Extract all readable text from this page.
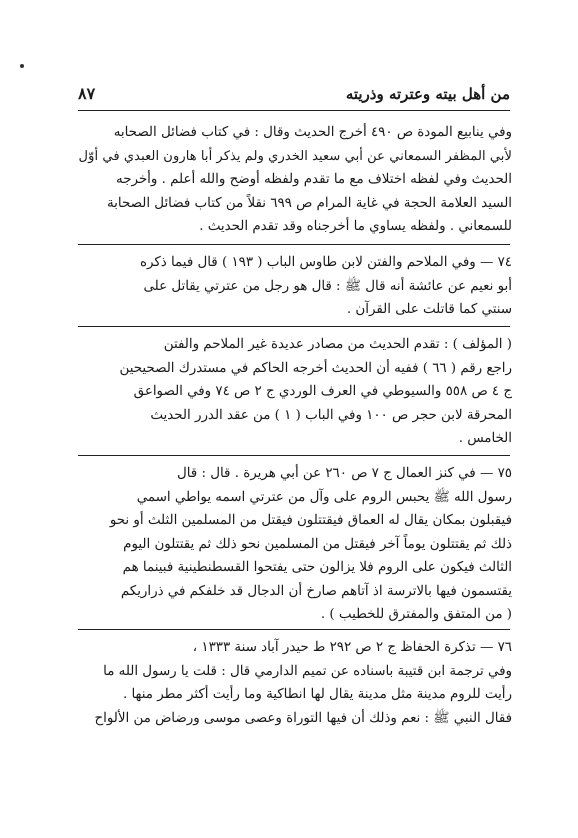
٨٧	من أهل بيته وعترته وذريته
وفي ينابيع المودة ص ٤٩٠ أخرج الحديث وقال : في كتاب فضائل الصحابه
لأبي المظفر السمعاني عن أبي سعيد الخدري ولم يذكر أبا هارون العبدي في أوّل
الحديث وفي لفظه اختلاف مع ما تقدم ولفظه أوضح والله أعلم . وأخرجه
السيد العلامة الحجة في غاية المرام ص ٦٩٩ نقلاً من كتاب فضائل الصحابة
للسمعاني . ولفظه يساوي ما أخرجناه وقد تقدم الحديث .
٧٤ — وفي الملاحم والفتن لابن طاوس الباب ( ١٩٣ ) قال فيما ذكره
أبو نعيم عن عائشة أنه قال ﷺ : قال هو رجل من عترتي يقاتل على
سنتي كما قاتلت على القرآن .
( المؤلف ) : تقدم الحديث من مصادر عديدة غير الملاحم والفتن
راجع رقم ( ٦٦ ) ففيه أن الحديث أخرجه الحاكم في مستدرك الصحيحين
ج ٤ ص ٥٥٨ والسيوطي في العرف الوردي ج ٢ ص ٧٤ وفي الصواعق
المحرقة لابن حجر ص ١٠٠ وفي الباب ( ١ ) من عقد الدرر الحديث
الخامس .
٧٥ — في كنز العمال ج ٧ ص ٢٦٠ عن أبي هريرة . قال : قال
رسول الله ﷺ يحبس الروم على وآل من عترتي اسمه يواطي اسمي
فيقبلون بمكان يقال له العماق فيقتتلون فيقتل من المسلمين الثلث أو نحو
ذلك ثم يقتتلون يوماً آخر فيقتل من المسلمين نحو ذلك ثم يقتتلون اليوم
الثالث فيكون على الروم فلا يزالون حتى يفتحوا القسطنطينية فبينما هم
يقتسمون فيها بالاترسة اذ آتاهم صارخ أن الدجال قد خلفكم في ذراريكم
( من المتفق والمفترق للخطيب ) .
٧٦ — تذكرة الحفاظ ج ٢ ص ٢٩٢ ط حيدر آباد سنة ١٣٣٣ ،
وفي ترجمة ابن قتيبة باسناده عن تميم الدارمي قال : قلت يا رسول الله ما
رأيت للروم مدينة مثل مدينة يقال لها انطاكية وما رأيت أكثر مطر منها .
فقال النبي ﷺ : نعم وذلك أن فيها التوراة وعصى موسى ورضاض من الألواح
